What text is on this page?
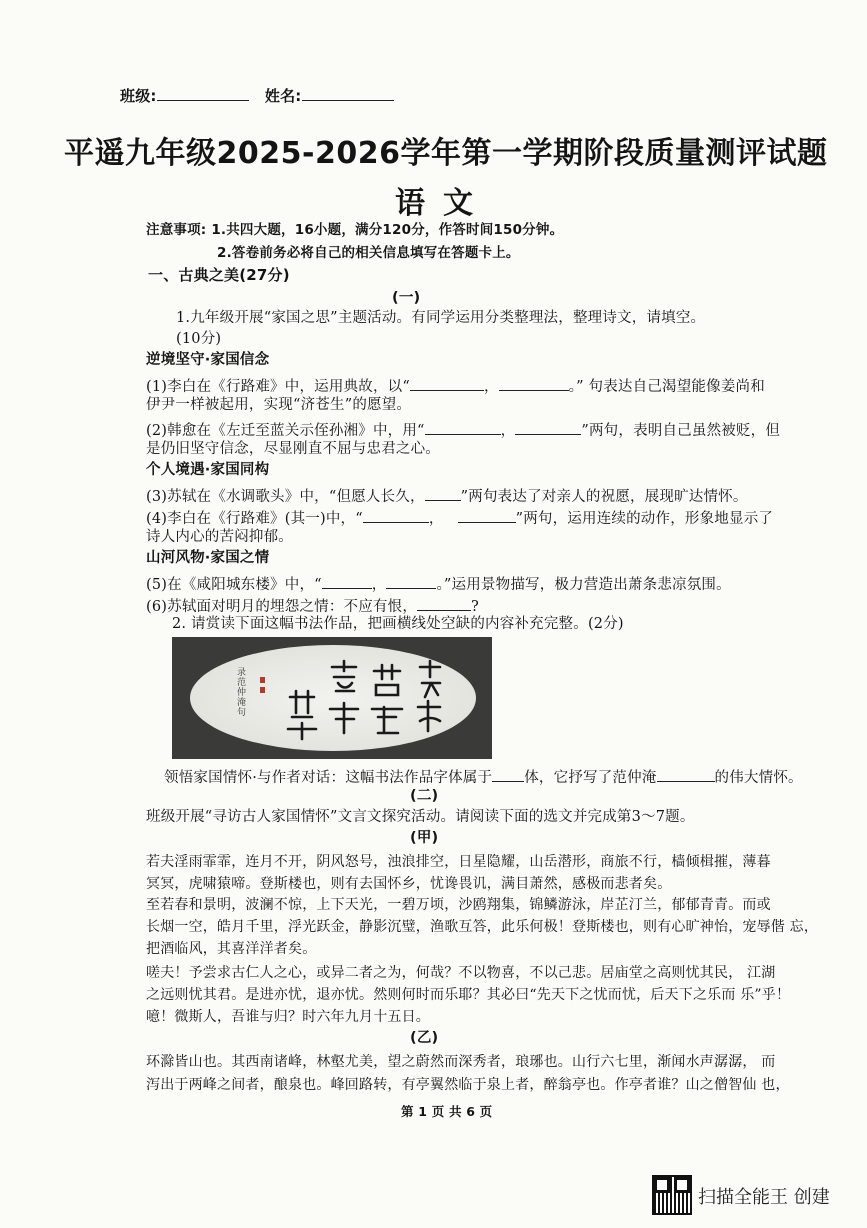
班级:	姓名:
平遥九年级2025-2026学年第一学期阶段质量测评试题
语文
注意事项: 1.共四大题，16小题，满分120分，作答时间150分钟。
2.答卷前务必将自己的相关信息填写在答题卡上。
一、古典之美(27分)
(一)
1.九年级开展“家国之思”主题活动。有同学运用分类整理法，整理诗文，请填空。
(10分)
逆境坚守·家国信念
(1)李白在《行路难》中，运用典故，以“	，	。” 句表达自己渴望能像姜尚和
伊尹一样被起用，实现“济苍生”的愿望。
(2)韩愈在《左迁至蓝关示侄孙湘》中，用“	，	”两句，表明自己虽然被贬，但
是仍旧坚守信念，尽显刚直不屈与忠君之心。
个人境遇·家国同构
(3)苏轼在《水调歌头》中，“但愿人长久， ”两句表达了对亲人的祝愿，展现旷达情怀。
(4)李白在《行路难》(其一)中，“	，	”两句，运用连续的动作，形象地显示了
诗人内心的苦闷抑郁。
山河风物·家国之情
(5)在《咸阳城东楼》中，“	，	。”运用景物描写，极力营造出萧条悲凉氛围。
(6)苏轼面对明月的埋怨之情：不应有恨，	?
2. 请赏读下面这幅书法作品，把画横线处空缺的内容补充完整。(2分)
录范仲淹句
领悟家国情怀·与作者对话：这幅书法作品字体属于 体，它抒写了范仲淹	的伟大情怀。
(二)
班级开展“寻访古人家国情怀”文言文探究活动。请阅读下面的选文并完成第3～7题。
(甲)
若夫淫雨霏霏，连月不开，阴风怒号，浊浪排空，日星隐耀，山岳潜形，商旅不行，樯倾楫摧，薄暮
冥冥，虎啸猿啼。登斯楼也，则有去国怀乡，忧谗畏讥，满目萧然，感极而悲者矣。
至若春和景明，波澜不惊，上下天光，一碧万顷，沙鸥翔集，锦鳞游泳，岸芷汀兰，郁郁青青。而或
长烟一空，皓月千里，浮光跃金，静影沉璧，渔歌互答，此乐何极！登斯楼也，则有心旷神怡，宠辱偕 忘，
把酒临风，其喜洋洋者矣。
嗟夫！予尝求古仁人之心，或异二者之为，何哉？不以物喜，不以己悲。居庙堂之高则忧其民， 江湖
之远则忧其君。是进亦忧，退亦忧。然则何时而乐耶？其必曰“先天下之忧而忧，后天下之乐而 乐”乎！
噫！微斯人，吾谁与归？时六年九月十五日。
(乙)
环滁皆山也。其西南诸峰，林壑尤美，望之蔚然而深秀者，琅琊也。山行六七里，渐闻水声潺潺， 而
泻出于两峰之间者，酿泉也。峰回路转，有亭翼然临于泉上者，醉翁亭也。作亭者谁？山之僧智仙 也，
第 1 页 共 6 页
扫描全能王 创建
